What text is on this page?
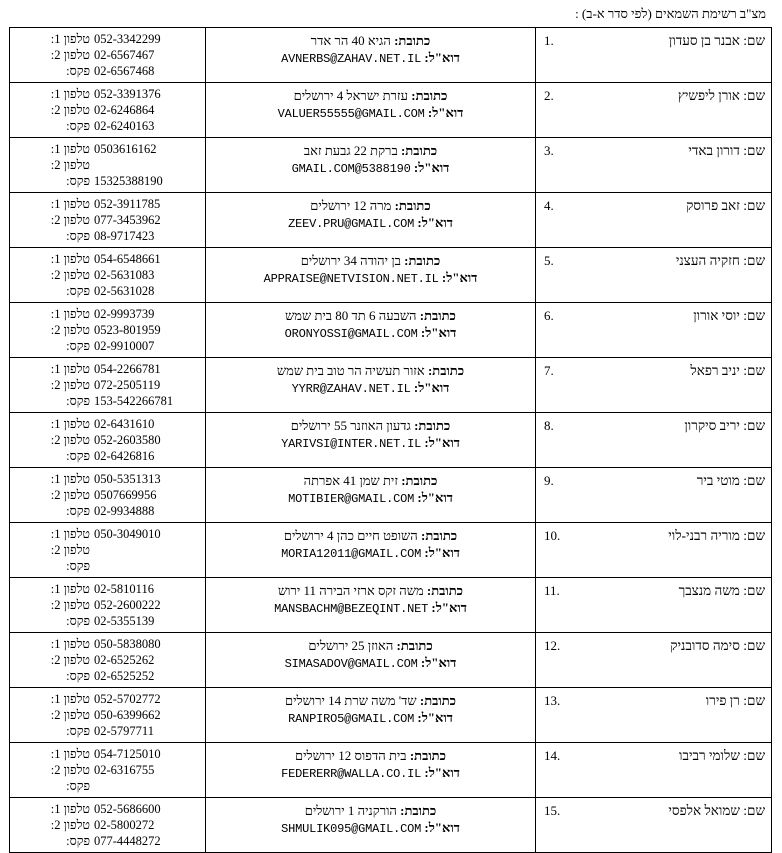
מצ"ב רשימת השמאים (לפי סדר א-ב) :
1.	שם: אבנר בן סעדון

כתובת: הגיא 40 הר אדר
דוא"ל: AVNERBS@ZAHAV.NET.IL

052-3342299
טלפון 1:
02-6567467
טלפון 2:
02-6567468
פקס:

2.	שם: אורן ליפשיץ

כתובת: עזרת ישראל 4 ירושלים
דוא"ל: VALUER55555@GMAIL.COM

052-3391376
טלפון 1:
02-6246864
טלפון 2:
02-6240163
פקס:

3.	שם: דורון באדי

כתובת: ברקת 22 גבעת זאב
דוא"ל: GMAIL.COM@5388190

0503616162
טלפון 1:
טלפון 2:
15325388190
פקס:

4.	שם: זאב פרוסק

כתובת: מרה 12 ירושלים
דוא"ל: ZEEV.PRU@GMAIL.COM

052-3911785
טלפון 1:
077-3453962
טלפון 2:
08-9717423
פקס:

5.	שם: חזקיה העצני

כתובת: בן יהודה 34 ירושלים
דוא"ל: APPRAISE@NETVISION.NET.IL

054-6548661
טלפון 1:
02-5631083
טלפון 2:
02-5631028
פקס:

6.	שם: יוסי אורון

כתובת: השבעה 6 תד 80 בית שמש
דוא"ל: ORONYOSSI@GMAIL.COM

02-9993739
טלפון 1:
0523-801959
טלפון 2:
02-9910007
פקס:

7.	שם: יניב רפאל

כתובת: אזור תעשיה הר טוב בית שמש
דוא"ל: YYRR@ZAHAV.NET.IL

054-2266781
טלפון 1:
072-2505119
טלפון 2:
153-542266781
פקס:

8.	שם: יריב סיקרון

כתובת: גדעון האוזנר 55 ירושלים
דוא"ל: YARIVSI@INTER.NET.IL

02-6431610
טלפון 1:
052-2603580
טלפון 2:
02-6426816
פקס:

9.	שם: מוטי ביר

כתובת: זית שמן 41 אפרתה
דוא"ל: MOTIBIER@GMAIL.COM

050-5351313
טלפון 1:
0507669956
טלפון 2:
02-9934888
פקס:

10.	שם: מוריה רבני-לוי

כתובת: השופט חיים כהן 4 ירושלים
דוא"ל: MORIA12011@GMAIL.COM

050-3049010
טלפון 1:
טלפון 2:
פקס:

11.	שם: משה מנצבך

כתובת: משה זקס ארזי הבירה 11 ירוש
דוא"ל: MANSBACHM@BEZEQINT.NET

02-5810116
טלפון 1:
052-2600222
טלפון 2:
02-5355139
פקס:

12.	שם: סימה סדובניק

כתובת: האוזן 25 ירושלים
דוא"ל: SIMASADOV@GMAIL.COM

050-5838080
טלפון 1:
02-6525262
טלפון 2:
02-6525252
פקס:

13.	שם: רן פירו

כתובת: שד' משה שרת 14 ירושלים
דוא"ל: RANPIRO5@GMAIL.COM

052-5702772
טלפון 1:
050-6399662
טלפון 2:
02-5797711
פקס:

14.	שם: שלומי רביבו

כתובת: בית הדפוס 12 ירושלים
דוא"ל: FEDERERR@WALLA.CO.IL

054-7125010
טלפון 1:
02-6316755
טלפון 2:
פקס:

15.	שם: שמואל אלפסי

כתובת: הורקניה 1 ירושלים
דוא"ל: SHMULIK095@GMAIL.COM

052-5686600
טלפון 1:
02-5800272
טלפון 2:
077-4448272
פקס:
